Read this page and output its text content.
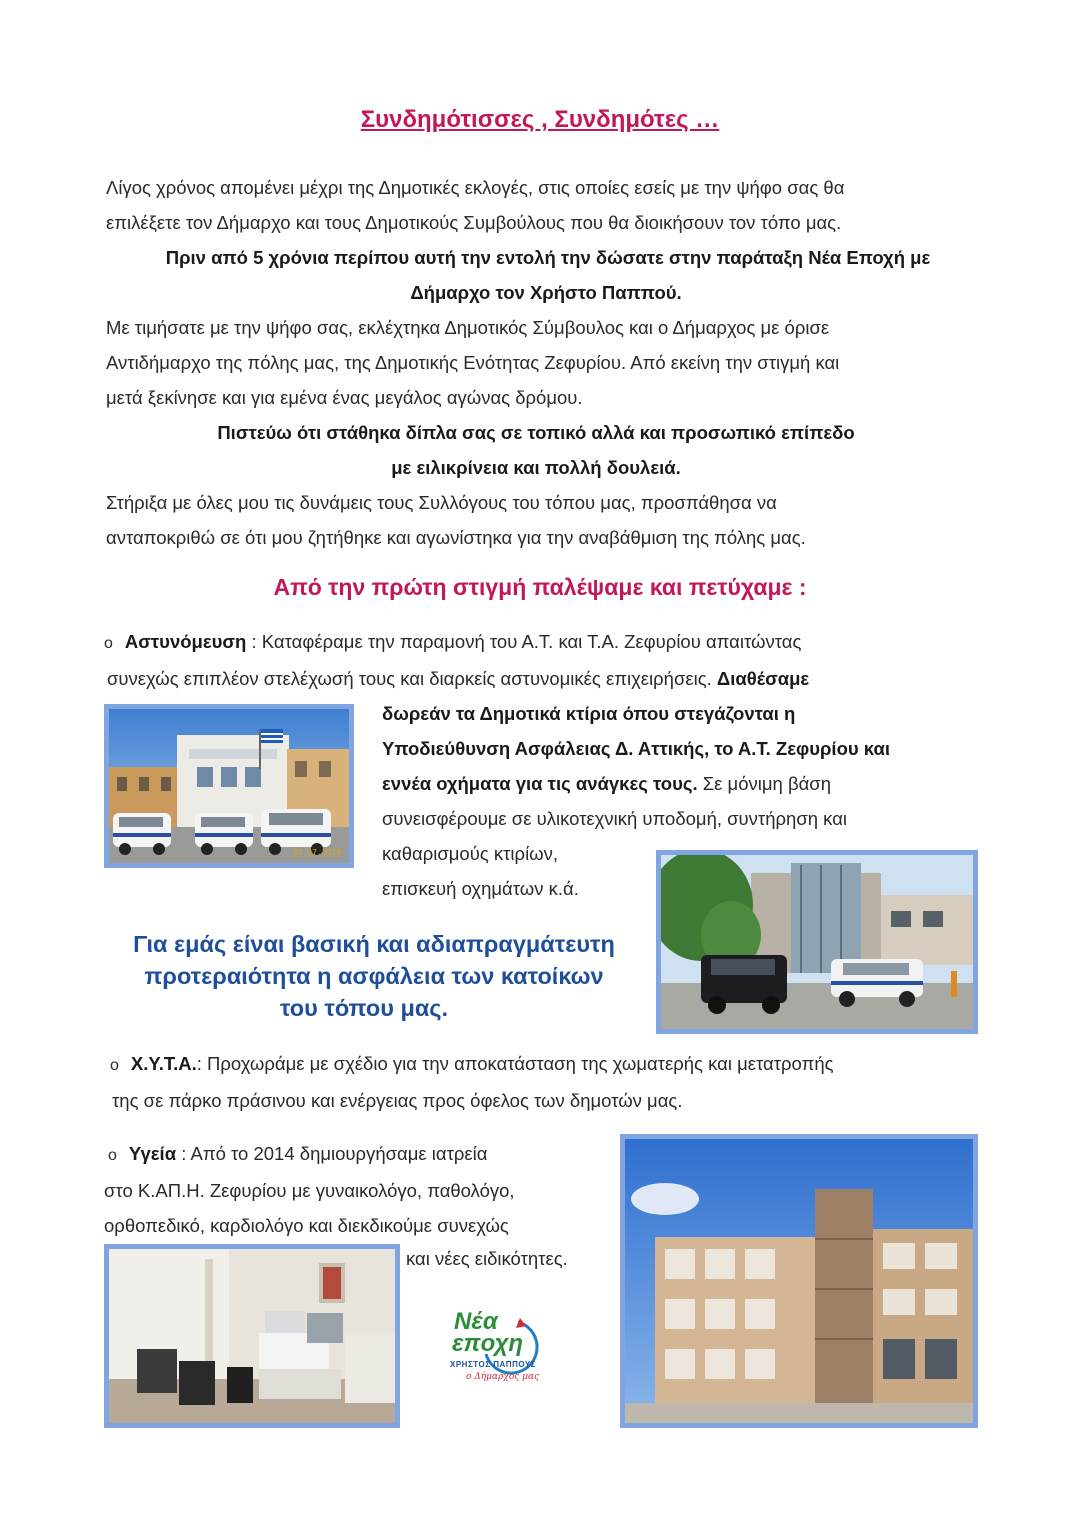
Συνδημότισσες , Συνδημότες …
Λίγος χρόνος απομένει μέχρι της Δημοτικές εκλογές, στις οποίες εσείς με την ψήφο σας θα
επιλέξετε τον Δήμαρχο και τους Δημοτικούς Συμβούλους που θα διοικήσουν τον τόπο μας.
Πριν από 5 χρόνια περίπου αυτή την εντολή την δώσατε στην παράταξη Νέα Εποχή με
Δήμαρχο τον Χρήστο Παππού.
Με τιμήσατε με την ψήφο σας, εκλέχτηκα Δημοτικός Σύμβουλος και ο Δήμαρχος με όρισε
Αντιδήμαρχο της πόλης μας, της Δημοτικής Ενότητας Ζεφυρίου. Από εκείνη την στιγμή και
μετά ξεκίνησε και για εμένα ένας μεγάλος αγώνας δρόμου.
Πιστεύω ότι στάθηκα δίπλα σας σε τοπικό αλλά και προσωπικό επίπεδο
με ειλικρίνεια και πολλή δουλειά.
Στήριξα με όλες μου τις δυνάμεις τους Συλλόγους του τόπου μας, προσπάθησα να
ανταποκριθώ σε ότι μου ζητήθηκε και αγωνίστηκα για την αναβάθμιση της πόλης μας.
Από την πρώτη στιγμή παλέψαμε και πετύχαμε :
o Αστυνόμευση : Καταφέραμε την παραμονή του Α.Τ. και Τ.Α. Ζεφυρίου απαιτώντας
συνεχώς επιπλέον στελέχωσή τους και διαρκείς αστυνομικές επιχειρήσεις. Διαθέσαμε
δωρεάν τα Δημοτικά κτίρια όπου στεγάζονται η
Υποδιεύθυνση Ασφάλειας Δ. Αττικής, το Α.Τ. Ζεφυρίου και
εννέα οχήματα για τις ανάγκες τους. Σε μόνιμη βάση
συνεισφέρουμε σε υλικοτεχνική υποδομή, συντήρηση και
καθαρισμούς κτιρίων,
επισκευή οχημάτων κ.ά.
03.07.2018
Για εμάς είναι βασική και αδιαπραγμάτευτη
προτεραιότητα η ασφάλεια των κατοίκων
του τόπου μας.
o Χ.Υ.Τ.Α.: Προχωράμε με σχέδιο για την αποκατάσταση της χωματερής και μετατροπής
της σε πάρκο πράσινου και ενέργειας προς όφελος των δημοτών μας.
o Υγεία : Από το 2014 δημιουργήσαμε ιατρεία
στο Κ.ΑΠ.Η. Ζεφυρίου με γυναικολόγο, παθολόγο,
ορθοπεδικό, καρδιολόγο και διεκδικούμε συνεχώς
και νέες ειδικότητες.
Νέα
εποχη
ΧΡΗΣΤΟΣ ΠΑΠΠΟΥΣ
ο Δήμαρχος μας
